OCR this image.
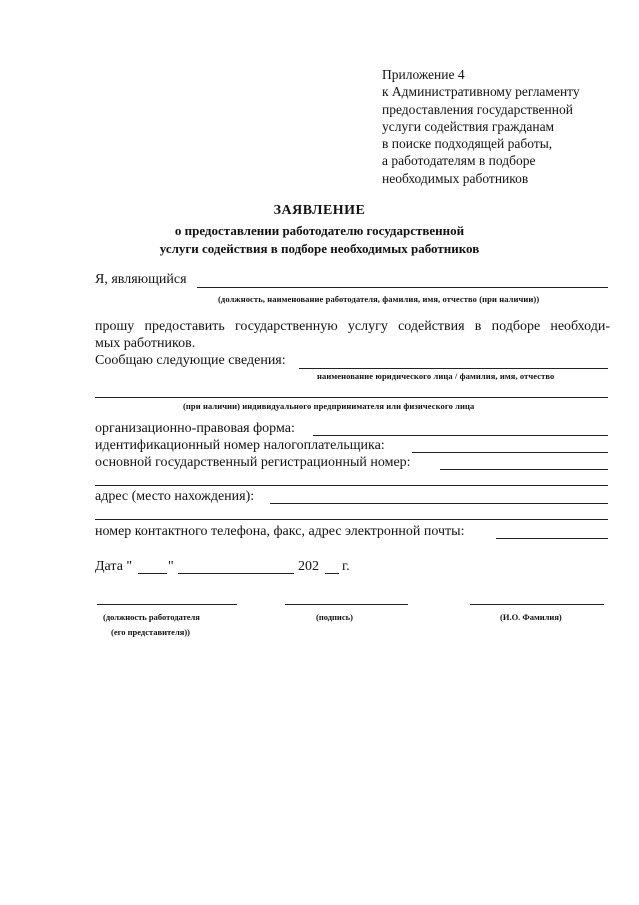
Приложение 4
к Административному регламенту
предоставления государственной
услуги содействия гражданам
в поиске подходящей работы,
а работодателям в подборе
необходимых работников
ЗАЯВЛЕНИЕ
о предоставлении работодателю государственной
услуги содействия в подборе необходимых работников
Я, являющийся
(должность, наименование работодателя, фамилия, имя, отчество (при наличии))
прошу предоставить государственную услугу содействия в подборе необходи-
мых работников.
Сообщаю следующие сведения:
наименование юридического лица / фамилия, имя, отчество
(при наличии) индивидуального предпринимателя или физического лица
организационно-правовая форма:
идентификационный номер налогоплательщика:
основной государственный регистрационный номер:
адрес (место нахождения):
номер контактного телефона, факс, адрес электронной почты:
Дата "	"	202 г.
(должность работодателя
(его представителя))
(подпись)	(И.О. Фамилия)
